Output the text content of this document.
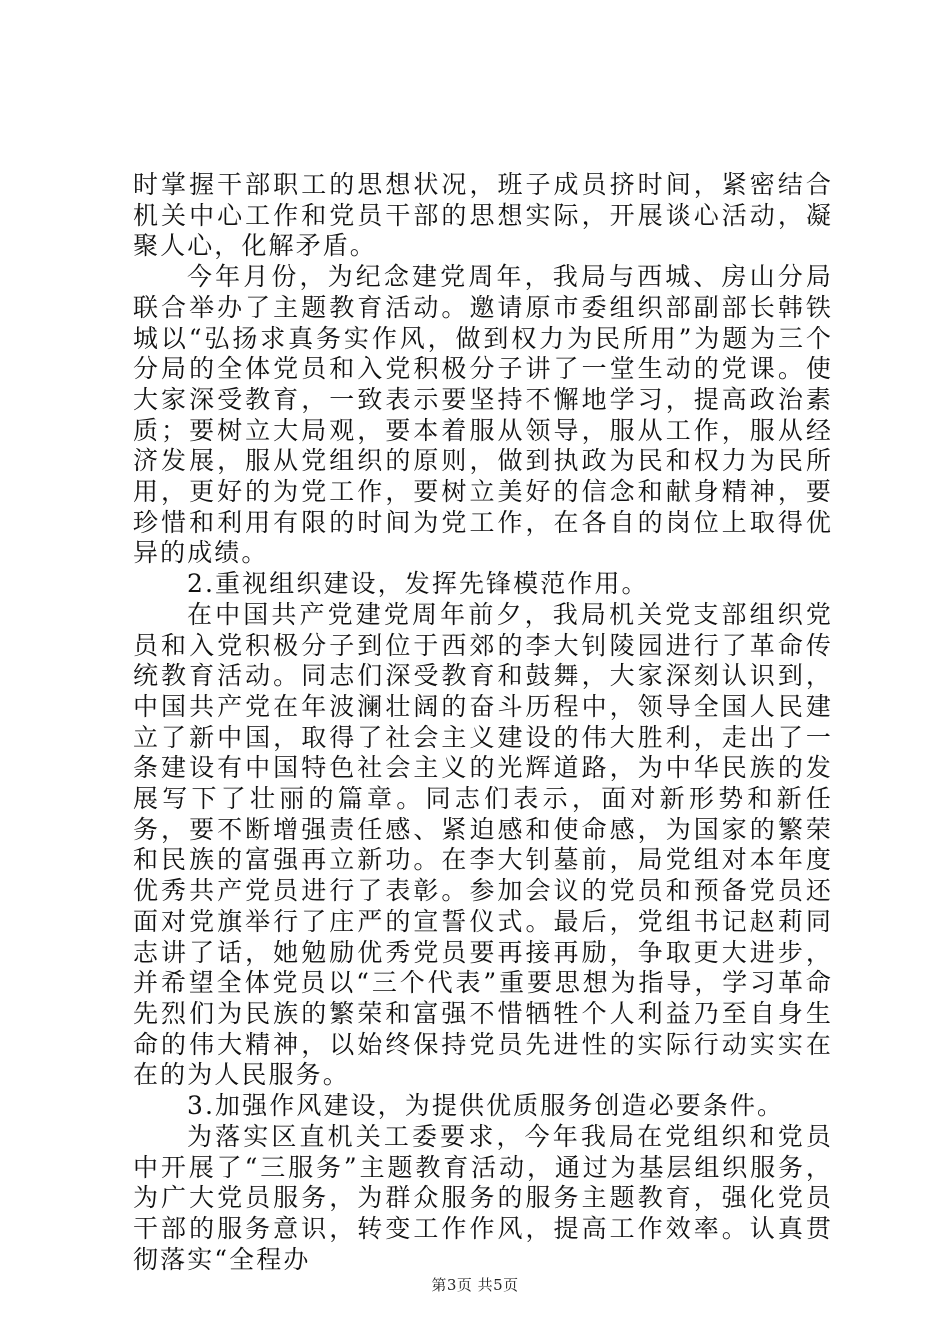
时掌握干部职工的思想状况，班子成员挤时间，紧密结合机关中心工作和党员干部的思想实际，开展谈心活动，凝聚人心，化解矛盾。

今年月份，为纪念建党周年，我局与西城、房山分局联合举办了主题教育活动。邀请原市委组织部副部长韩铁城以“弘扬求真务实作风，做到权力为民所用”为题为三个分局的全体党员和入党积极分子讲了一堂生动的党课。使大家深受教育，一致表示要坚持不懈地学习，提高政治素质；要树立大局观，要本着服从领导，服从工作，服从经济发展，服从党组织的原则，做到执政为民和权力为民所用，更好的为党工作，要树立美好的信念和献身精神，要珍惜和利用有限的时间为党工作，在各自的岗位上取得优异的成绩。

2.重视组织建设，发挥先锋模范作用。

在中国共产党建党周年前夕，我局机关党支部组织党员和入党积极分子到位于西郊的李大钊陵园进行了革命传统教育活动。同志们深受教育和鼓舞，大家深刻认识到，中国共产党在年波澜壮阔的奋斗历程中，领导全国人民建立了新中国，取得了社会主义建设的伟大胜利，走出了一条建设有中国特色社会主义的光辉道路，为中华民族的发展写下了壮丽的篇章。同志们表示，面对新形势和新任务，要不断增强责任感、紧迫感和使命感，为国家的繁荣和民族的富强再立新功。在李大钊墓前，局党组对本年度优秀共产党员进行了表彰。参加会议的党员和预备党员还面对党旗举行了庄严的宣誓仪式。最后，党组书记赵莉同志讲了话，她勉励优秀党员要再接再励，争取更大进步，并希望全体党员以“三个代表”重要思想为指导，学习革命先烈们为民族的繁荣和富强不惜牺牲个人利益乃至自身生命的伟大精神，以始终保持党员先进性的实际行动实实在在的为人民服务。

3.加强作风建设，为提供优质服务创造必要条件。

为落实区直机关工委要求，今年我局在党组织和党员中开展了“三服务”主题教育活动，通过为基层组织服务，为广大党员服务，为群众服务的服务主题教育，强化党员干部的服务意识，转变工作作风，提高工作效率。认真贯彻落实“全程办

第3页 共5页
